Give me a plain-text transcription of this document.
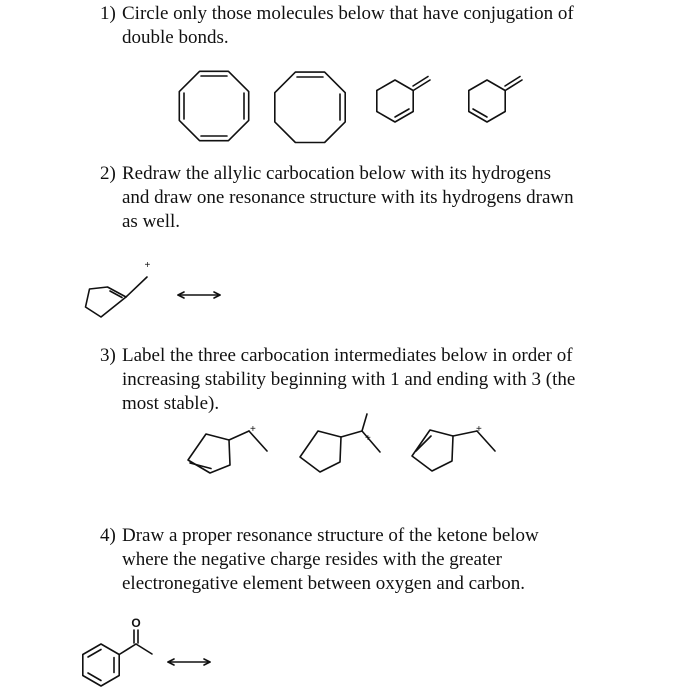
1) Circle only those molecules below that have conjugation of
double bonds.
2) Redraw the allylic carbocation below with its hydrogens
and draw one resonance structure with its hydrogens drawn
as well.
3) Label the three carbocation intermediates below in order of
increasing stability beginning with 1 and ending with 3 (the
most stable).
4) Draw a proper resonance structure of the ketone below
where the negative charge resides with the greater
electronegative element between oxygen and carbon.
+
+
+
+
O
